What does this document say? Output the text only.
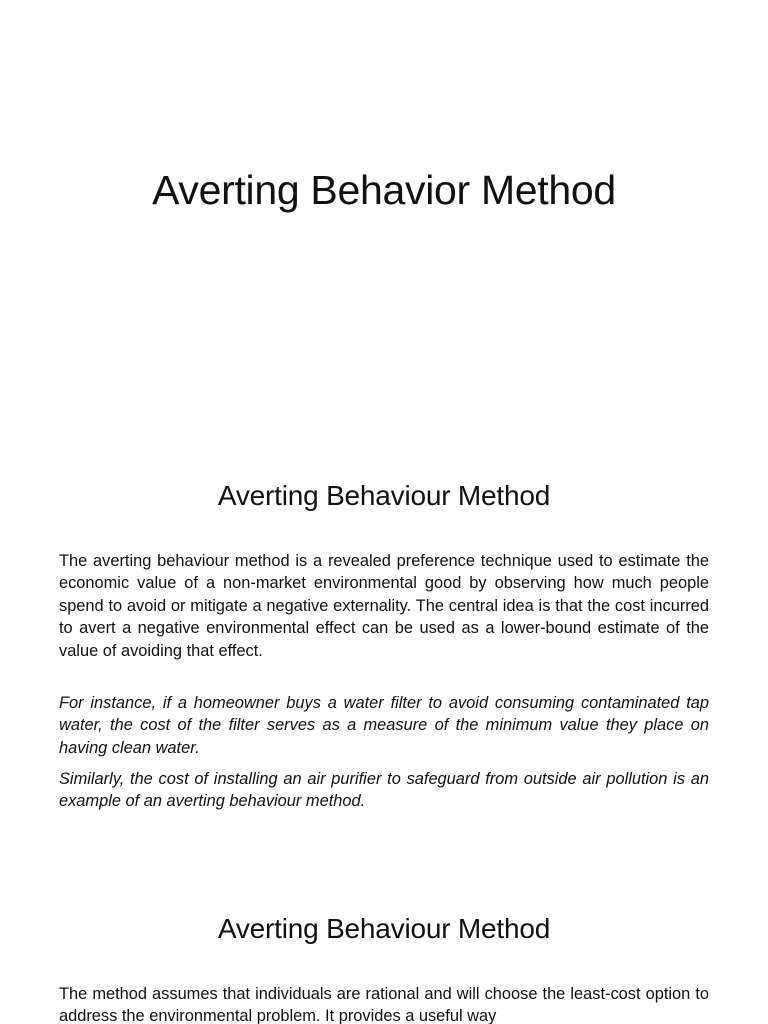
Averting Behavior Method
Averting Behaviour Method

The averting behaviour method is a revealed preference technique used to estimate the economic value of a non-market environmental good by observing how much people spend to avoid or mitigate a negative externality. The central idea is that the cost incurred to avert a negative environmental effect can be used as a lower-bound estimate of the value of avoiding that effect.

For instance, if a homeowner buys a water filter to avoid consuming contaminated tap water, the cost of the filter serves as a measure of the minimum value they place on having clean water.

Similarly, the cost of installing an air purifier to safeguard from outside air pollution is an example of an averting behaviour method.

Averting Behaviour Method

The method assumes that individuals are rational and will choose the least-cost option to address the environmental problem. It provides a useful way
